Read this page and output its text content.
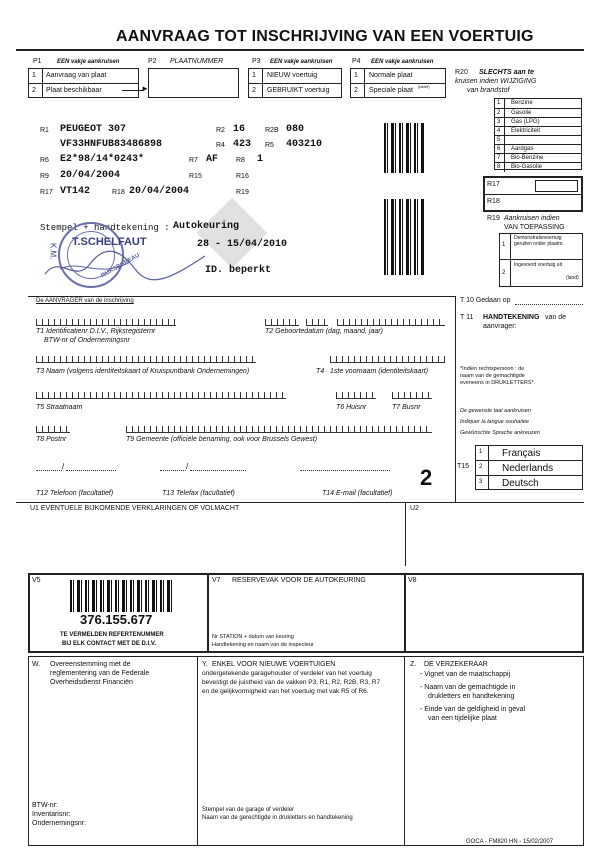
AANVRAAG TOT INSCHRIJVING VAN EEN VOERTUIG
P1	EEN vakje aankruisen
1 Aanvraag van plaat
2 Plaat beschikbaar	►
P2 PLAATNUMMER	P3 EEN vakje aankruisen
1 NIEUW voertuig
2 GEBRUIKT voertuig
P4 EEN vakje aankruisen
1 Normale plaat
2 Speciale plaat
(tarief)
R20 SLECHTS aan te
kruisen indien WIJZIGING
van brandstof
1 Benzine
2 Gasolie
3 Gas (LPG)
4 Elektriciteit
5
6 Aardgas
7 Bio-Benzine
8 Bio-Gasolie
R17
R18
R19 Aankruisen indien
VAN TOEPASSING
1
Demonstratievoertuig
geruilen onder plaatnr.
2
Ingevoerd voertuig uit
(land)
R1 PEUGEOT 307	R2 16	R2B 080
VF33HNFUB83486898	R4 423 R5 403210
R6 E2*98/14*0243*	R7 AF	R8 1
R9 20/04/2004	R15	R16
R17 VT142	R18 20/04/2004	R19
Stempel + handtekening : Autokeuring
28 - 15/04/2010
ID. beperkt
RIJKSBUREAU
T.SCHELFAUT
K.M.
De AANVRAGER van de inschrijving
T1 Identificatienr D.I.V., Rijksregisternr
BTW-nr of Ondernemingsnr
T2 Geboortedatum (dag, maand, jaar)
T3 Naam (volgens identiteitskaart of Kruispuntbank Ondernemingen)	T4 1ste voornaam (identiteitskaart)
T5 Straatnaam	T6 Huisnr	T7 Busnr
T8 Postnr	T9 Gemeente (officiële benaming, ook voor Brussels Gewest)
/	/	2
T12 Telefoon (facultatief)	T13 Telefax (facultatief)	T14 E-mail (facultatief)
T 10 Gedaan op
T 11 HANDTEKENING van de
aanvrager:
*Indien rechtspersoon : de
naam van de gemachtigde
eveneens in DRUKLETTERS*
De gewenste taal aankruisen
Indiquer la langue souhaitée
Gewünschte Sprache ankreuzen
T15
1 Français
2 Nederlands
3 Deutsch
U1 EVENTUELE BIJKOMENDE VERKLARINGEN OF VOLMACHT	U2
V5
376.155.677
TE VERMELDEN REFERTENUMMER
BIJ ELK CONTACT MET DE D.I.V.
V7 RESERVEVAK VOOR DE AUTOKEURING
Nr STATION + datum van keuring
Handtekening en naam van de inspecteur
V8
W. Overeenstemming met de
reglementering van de Federale
Overheidsdienst Financiën
BTW-nr:
Inventarisnr:
Ondernemingsnr:
Y. ENKEL VOOR NIEUWE VOERTUIGEN
ondergetekende garagehouder of verdeler van het voertuig
bevestigt de juistheid van de vakken P3, R1, R2, R2B, R3, R7
en de gelijkvormigheid van het voertuig met vak R5 of R6.
Stempel van de garage of verdeler
Naam van de gerechtigde in drukletters en handtekening
Z. DE VERZEKERAAR
- Vignet van de maatschappij
- Naam van de gemachtigde in
drukletters en handtekening
- Einde van de geldigheid in geval
van een tijdelijke plaat
GOCA - FM820 HN - 15/02/2007
